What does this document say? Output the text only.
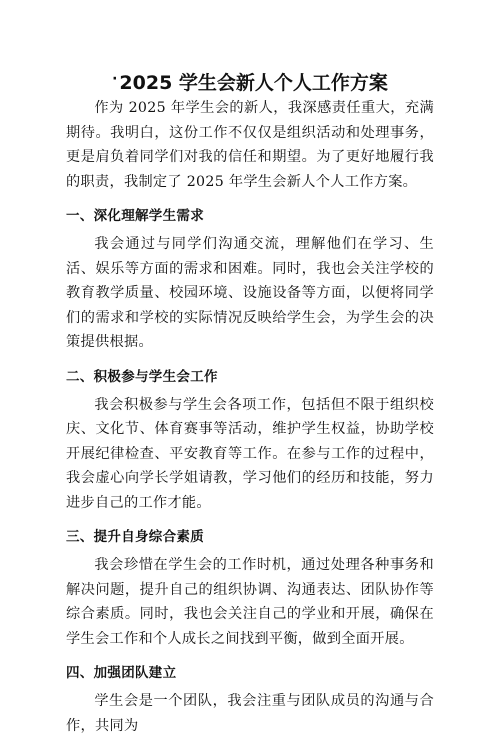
· 2025 学生会新人个人工作方案

作为 2025 年学生会的新人，我深感责任重大，充满期待。我明白，这份工作不仅仅是组织活动和处理事务，更是肩负着同学们对我的信任和期望。为了更好地履行我的职责，我制定了 2025 年学生会新人个人工作方案。

一、深化理解学生需求

我会通过与同学们沟通交流，理解他们在学习、生活、娱乐等方面的需求和困难。同时，我也会关注学校的教育教学质量、校园环境、设施设备等方面，以便将同学们的需求和学校的实际情况反映给学生会，为学生会的决策提供根据。

二、积极参与学生会工作

我会积极参与学生会各项工作，包括但不限于组织校庆、文化节、体育赛事等活动，维护学生权益，协助学校开展纪律检查、平安教育等工作。在参与工作的过程中，我会虚心向学长学姐请教，学习他们的经历和技能，努力进步自己的工作才能。

三、提升自身综合素质

我会珍惜在学生会的工作时机，通过处理各种事务和解决问题，提升自己的组织协调、沟通表达、团队协作等综合素质。同时，我也会关注自己的学业和开展，确保在学生会工作和个人成长之间找到平衡，做到全面开展。

四、加强团队建立

学生会是一个团队，我会注重与团队成员的沟通与合作，共同为
